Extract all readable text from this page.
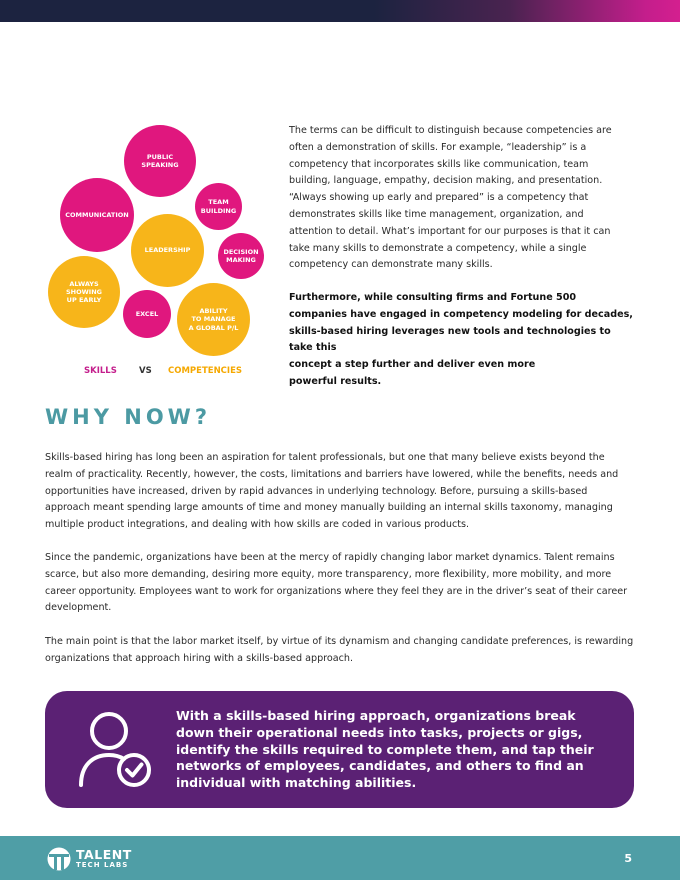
PUBLIC
SPEAKING
TEAM
BUILDING
COMMUNICATION
LEADERSHIP	DECISION
MAKING
ALWAYS
SHOWING
UP EARLY
EXCEL	ABILITY
TO MANAGE
A GLOBAL P/L
SKILLS	VS COMPETENCIES
The terms can be difficult to distinguish because competencies are often a demonstration of skills. For example, “leadership” is a competency that incorporates skills like communication, team building, language, empathy, decision making, and presentation. “Always showing up early and prepared” is a competency that demonstrates skills like time management, organization, and attention to detail. What’s important for our purposes is that it can take many skills to demonstrate a competency, while a single competency can demonstrate many skills.
Furthermore, while consulting firms and Fortune 500
companies have engaged in competency modeling for decades,
skills-based hiring leverages new tools and technologies to take this
concept a step further and deliver even more
powerful results.
WHY NOW?
Skills-based hiring has long been an aspiration for talent professionals, but one that many believe exists beyond the realm of practicality. Recently, however, the costs, limitations and barriers have lowered, while the benefits, needs and opportunities have increased, driven by rapid advances in underlying technology. Before, pursuing a skills-based approach meant spending large amounts of time and money manually building an internal skills taxonomy, managing multiple product integrations, and dealing with how skills are coded in various products.
Since the pandemic, organizations have been at the mercy of rapidly changing labor market dynamics. Talent remains scarce, but also more demanding, desiring more equity, more transparency, more flexibility, more mobility, and more career opportunity. Employees want to work for organizations where they feel they are in the driver’s seat of their career development.
The main point is that the labor market itself, by virtue of its dynamism and changing candidate preferences, is rewarding organizations that approach hiring with a skills-based approach.
With a skills-based hiring approach, organizations break down their operational needs into tasks, projects or gigs, identify the skills required to complete them, and tap their networks of employees, candidates, and others to find an individual with matching abilities.
TALENT
TECH LABS	5
